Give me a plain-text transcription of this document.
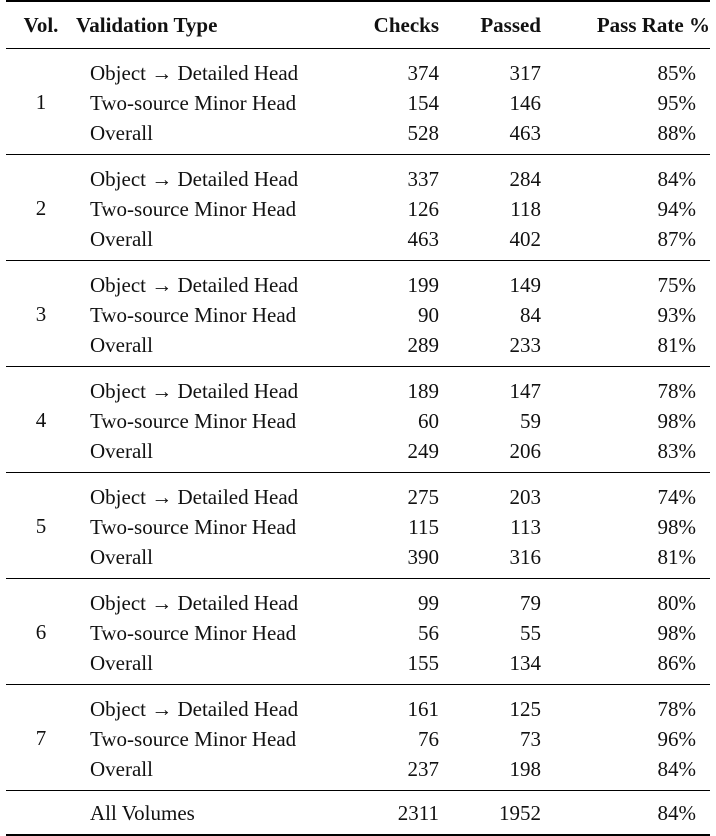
Vol.	Validation Type	Checks	Passed	Pass Rate %
1	Object → Detailed Head	374	317	85%
	Two-source Minor Head	154	146	95%
	Overall	528	463	88%
2	Object → Detailed Head	337	284	84%
	Two-source Minor Head	126	118	94%
	Overall	463	402	87%
3	Object → Detailed Head	199	149	75%
	Two-source Minor Head	90	84	93%
	Overall	289	233	81%
4	Object → Detailed Head	189	147	78%
	Two-source Minor Head	60	59	98%
	Overall	249	206	83%
5	Object → Detailed Head	275	203	74%
	Two-source Minor Head	115	113	98%
	Overall	390	316	81%
6	Object → Detailed Head	99	79	80%
	Two-source Minor Head	56	55	98%
	Overall	155	134	86%
7	Object → Detailed Head	161	125	78%
	Two-source Minor Head	76	73	96%
	Overall	237	198	84%
	All Volumes	2311	1952	84%
